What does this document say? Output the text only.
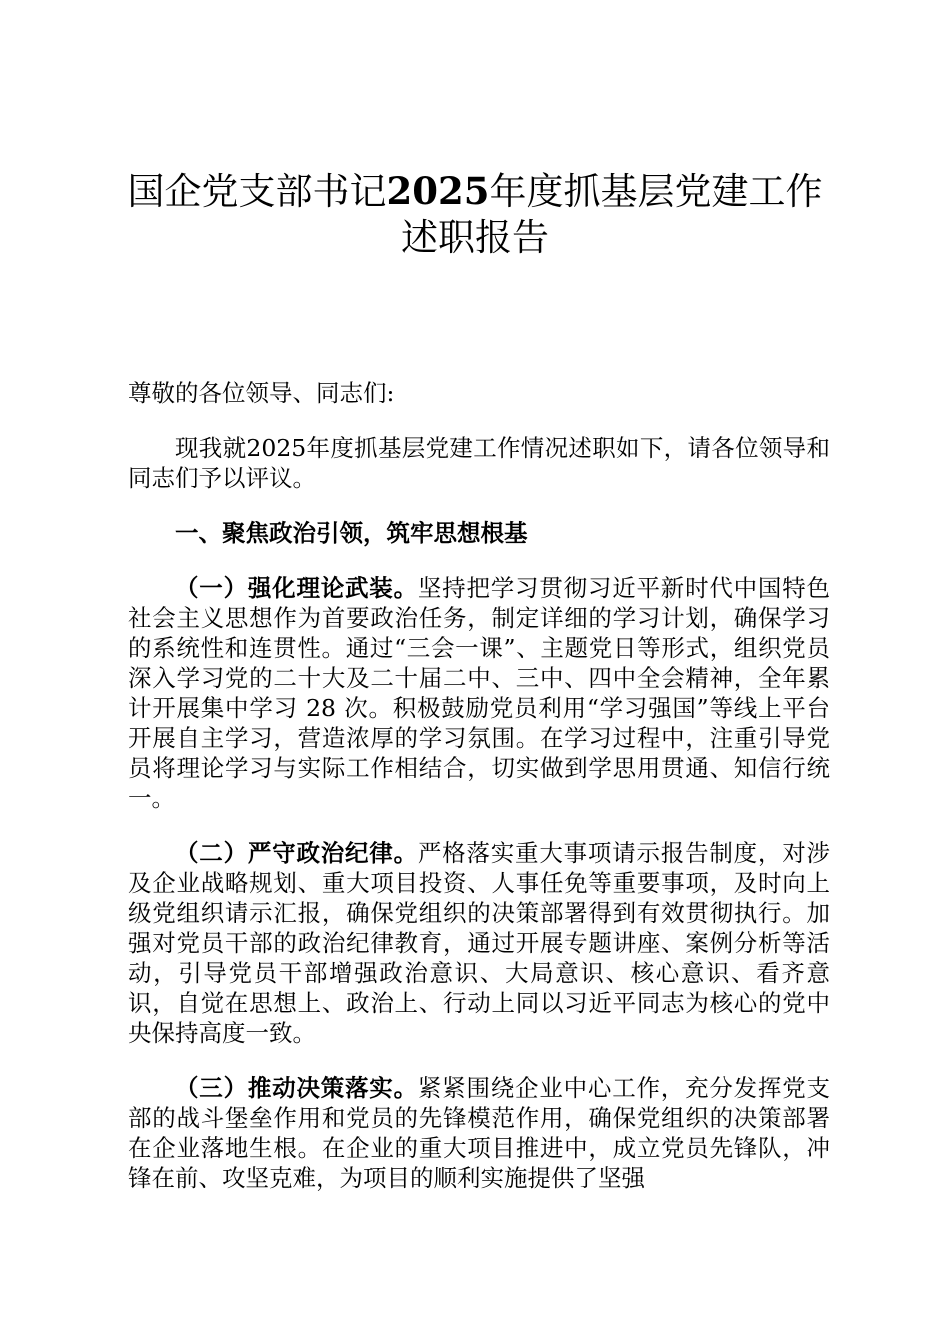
国企党支部书记2025年度抓基层党建工作述职报告

尊敬的各位领导、同志们:

现我就2025年度抓基层党建工作情况述职如下，请各位领导和同志们予以评议。

一、聚焦政治引领，筑牢思想根基

（一）强化理论武装。坚持把学习贯彻习近平新时代中国特色社会主义思想作为首要政治任务，制定详细的学习计划，确保学习的系统性和连贯性。通过“三会一课”、主题党日等形式，组织党员深入学习党的二十大及二十届二中、三中、四中全会精神，全年累计开展集中学习 28 次。积极鼓励党员利用“学习强国”等线上平台开展自主学习，营造浓厚的学习氛围。在学习过程中，注重引导党员将理论学习与实际工作相结合，切实做到学思用贯通、知信行统一。

（二）严守政治纪律。严格落实重大事项请示报告制度，对涉及企业战略规划、重大项目投资、人事任免等重要事项，及时向上级党组织请示汇报，确保党组织的决策部署得到有效贯彻执行。加强对党员干部的政治纪律教育，通过开展专题讲座、案例分析等活动，引导党员干部增强政治意识、大局意识、核心意识、看齐意识，自觉在思想上、政治上、行动上同以习近平同志为核心的党中央保持高度一致。

（三）推动决策落实。紧紧围绕企业中心工作，充分发挥党支部的战斗堡垒作用和党员的先锋模范作用，确保党组织的决策部署在企业落地生根。在企业的重大项目推进中，成立党员先锋队，冲锋在前、攻坚克难，为项目的顺利实施提供了坚强
